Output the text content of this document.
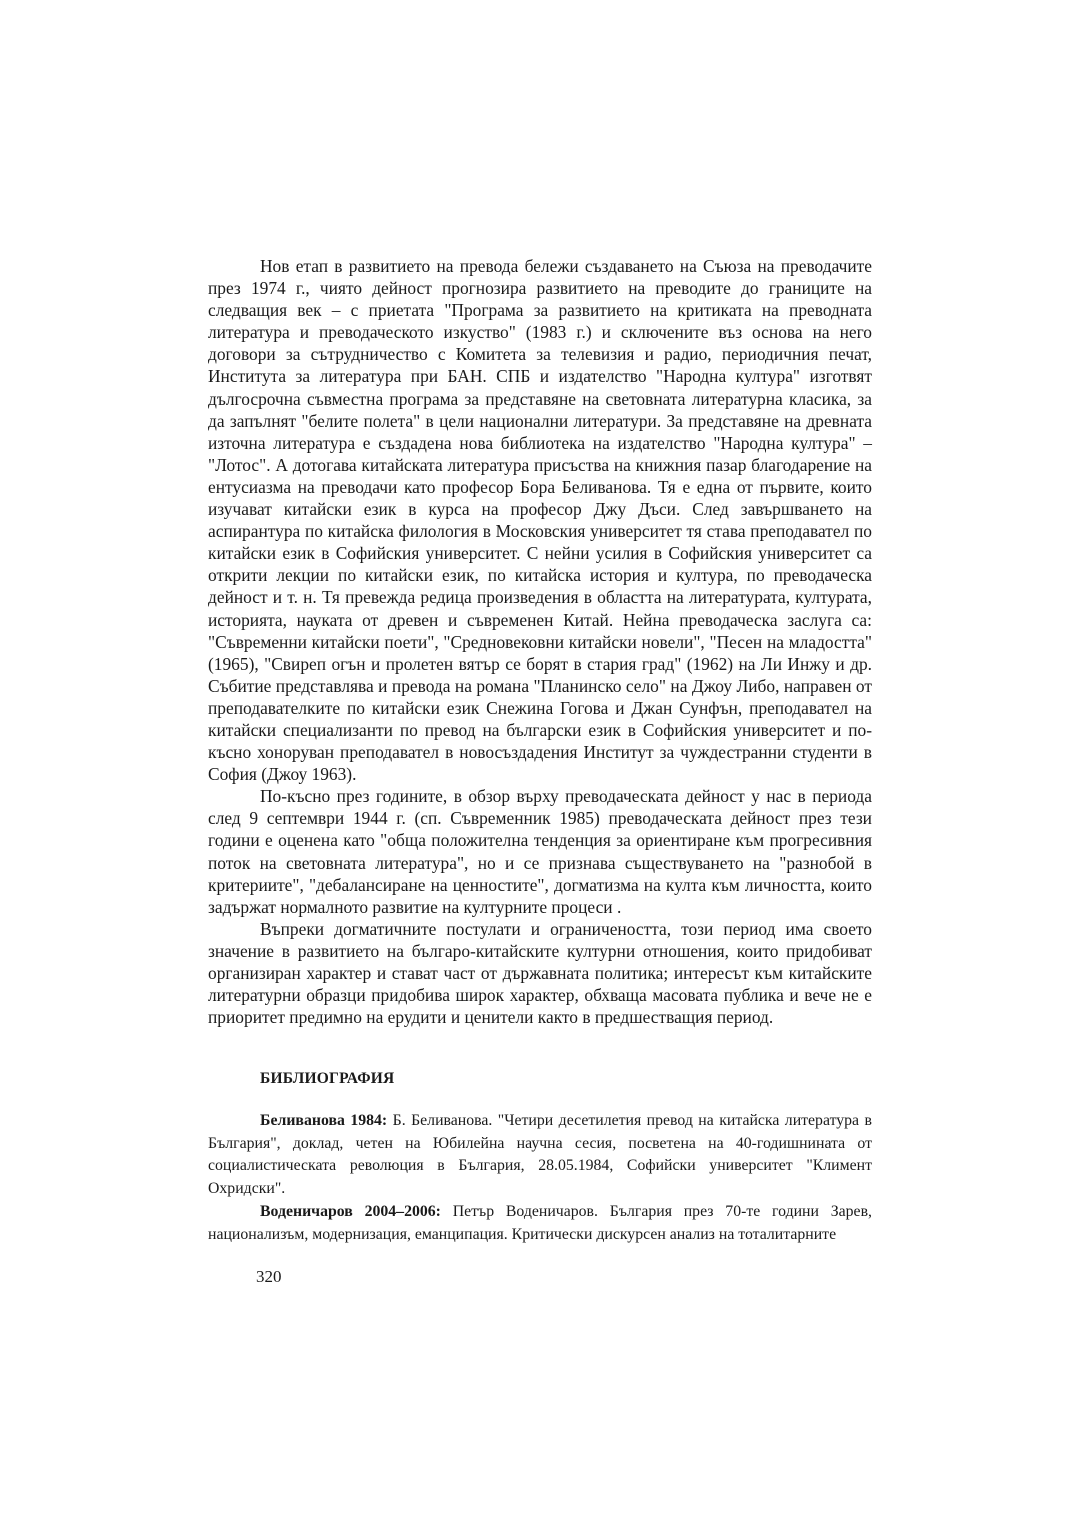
Нов етап в развитието на превода бележи създаването на Съюза на преводачите през 1974 г., чиято дейност прогнозира развитието на преводите до границите на следващия век – с приетата "Програма за развитието на критиката на преводната литература и преводаческото изкуство" (1983 г.) и сключените въз основа на него договори за сътрудничество с Комитета за телевизия и радио, периодичния печат, Института за литература при БАН. СПБ и издателство "Народна култура" изготвят дългосрочна съвместна програма за представяне на световната литературна класика, за да запълнят "белите полета" в цели национални литератури. За представяне на древната източна литература е създадена нова библиотека на издателство "Народна култура" – "Лотос". А дотогава китайската литература присъства на книжния пазар благодарение на ентусиазма на преводачи като професор Бора Беливанова. Тя е една от първите, които изучават китайски език в курса на професор Джу Дъси. След завършването на аспирантура по китайска филология в Московския университет тя става преподавател по китайски език в Софийския университет. С нейни усилия в Софийския университет са открити лекции по китайски език, по китайска история и култура, по преводаческа дейност и т. н. Тя превежда редица произведения в областта на литературата, културата, историята, науката от древен и съвременен Китай. Нейна преводаческа заслуга са: "Съвременни китайски поети", "Средновековни китайски новели", "Песен на младостта" (1965), "Свиреп огън и пролетен вятър се борят в стария град" (1962) на Ли Инжу и др. Събитие представлява и превода на романа "Планинско село" на Джоу Либо, направен от преподавателките по китайски език Снежина Гогова и Джан Сунфън, преподавател на китайски специализанти по превод на български език в Софийския университет и по-късно хоноруван преподавател в новосъздадения Институт за чуждестранни студенти в София (Джоу 1963).

По-късно през годините, в обзор върху преводаческата дейност у нас в периода след 9 септември 1944 г. (сп. Съвременник 1985) преводаческата дейност през тези години е оценена като "обща положителна тенденция за ориентиране към прогресивния поток на световната литература", но и се признава съществуването на "разнобой в критериите", "дебалансиране на ценностите", догматизма на култа към личността, които задържат нормалното развитие на културните процеси .

Въпреки догматичните постулати и ограничеността, този период има своето значение в развитието на българо-китайските културни отношения, които придобиват организиран характер и стават част от държавната политика; интересът към китайските литературни образци придобива широк характер, обхваща масовата публика и вече не е приоритет предимно на ерудити и ценители както в предшестващия период.

БИБЛИОГРАФИЯ

Беливанова 1984: Б. Беливанова. "Четири десетилетия превод на китайска литература в България", доклад, четен на Юбилейна научна сесия, посветена на 40-годишнината от социалистическата революция в България, 28.05.1984, Софийски университет "Климент Охридски".

Воденичаров 2004–2006: Петър Воденичаров. България през 70-те години Зарев, национализъм, модернизация, еманципация. Критически дискурсен анализ на тоталитарните

320
